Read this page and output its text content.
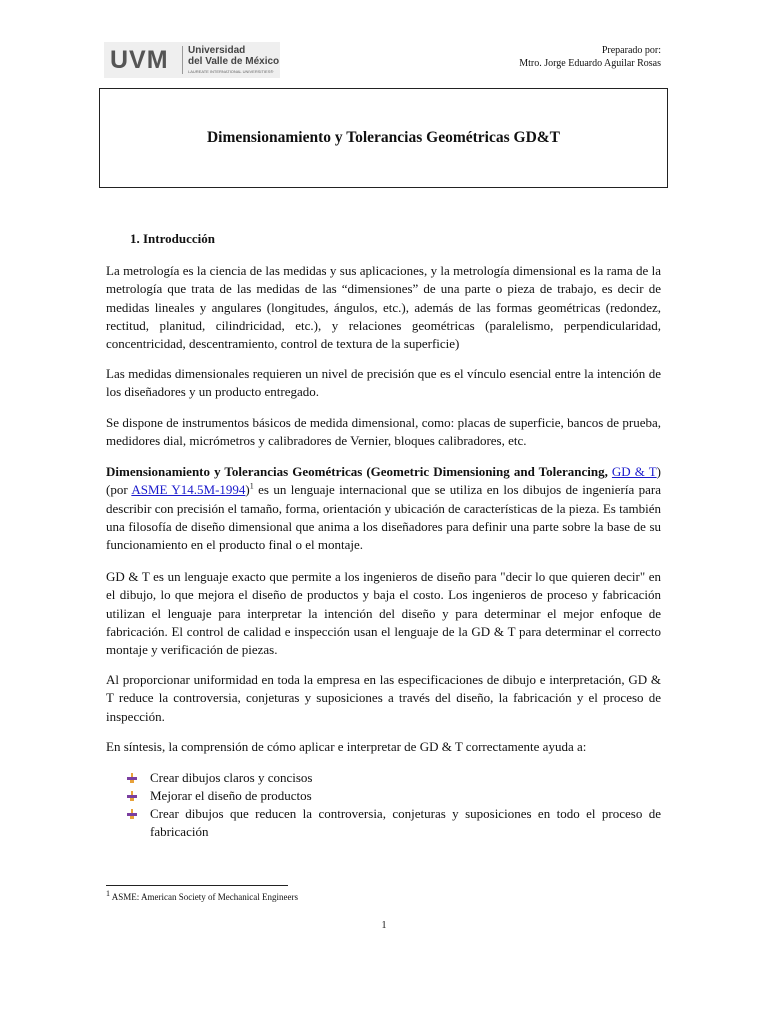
UVM Universidad
del Valle de México
LAUREATE INTERNATIONAL UNIVERSITIES®
Preparado por:
Mtro. Jorge Eduardo Aguilar Rosas
Dimensionamiento y Tolerancias Geométricas GD&T
1. Introducción
La metrología es la ciencia de las medidas y sus aplicaciones, y la metrología dimensional es la rama de la metrología que trata de las medidas de las “dimensiones” de una parte o pieza de trabajo, es decir de medidas lineales y angulares (longitudes, ángulos, etc.), además de las formas geométricas (redondez, rectitud, planitud, cilindricidad, etc.), y relaciones geométricas (paralelismo, perpendicularidad, concentricidad, descentramiento, control de textura de la superficie)
Las medidas dimensionales requieren un nivel de precisión que es el vínculo esencial entre la intención de los diseñadores y un producto entregado.
Se dispone de instrumentos básicos de medida dimensional, como: placas de superficie, bancos de prueba, medidores dial, micrómetros y calibradores de Vernier, bloques calibradores, etc.
Dimensionamiento y Tolerancias Geométricas (Geometric Dimensioning and Tolerancing, GD & T) (por ASME Y14.5M-1994)$^1$ es un lenguaje internacional que se utiliza en los dibujos de ingeniería para describir con precisión el tamaño, forma, orientación y ubicación de características de la pieza. Es también una filosofía de diseño dimensional que anima a los diseñadores para definir una parte sobre la base de su funcionamiento en el producto final o el montaje.
GD & T es un lenguaje exacto que permite a los ingenieros de diseño para "decir lo que quieren decir" en el dibujo, lo que mejora el diseño de productos y baja el costo. Los ingenieros de proceso y fabricación utilizan el lenguaje para interpretar la intención del diseño y para determinar el mejor enfoque de fabricación. El control de calidad e inspección usan el lenguaje de la GD & T para determinar el correcto montaje y verificación de piezas.
Al proporcionar uniformidad en toda la empresa en las especificaciones de dibujo e interpretación, GD & T reduce la controversia, conjeturas y suposiciones a través del diseño, la fabricación y el proceso de inspección.
En síntesis, la comprensión de cómo aplicar e interpretar de GD & T correctamente ayuda a:
Crear dibujos claros y concisos
Mejorar el diseño de productos
Crear dibujos que reducen la controversia, conjeturas y suposiciones en todo el proceso de fabricación
$^1$ ASME: American Society of Mechanical Engineers
1
